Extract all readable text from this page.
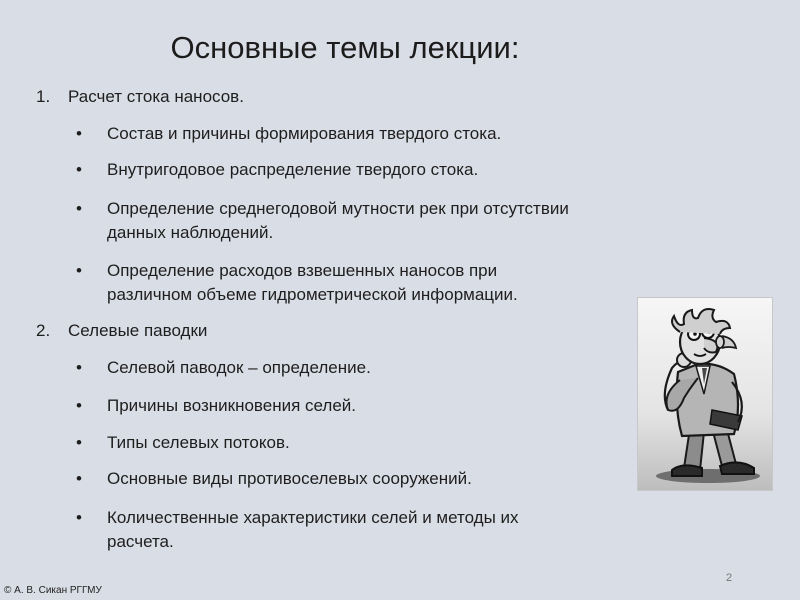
Основные темы лекции:
1. Расчет стока наносов.
•	Состав и причины формирования твердого стока.
•	Внутригодовое распределение твердого стока.
•	Определение среднегодовой мутности рек при отсутствии
данных наблюдений.
•	Определение расходов взвешенных наносов при
различном объеме гидрометрической информации.
2. Селевые паводки
•	Селевой паводок – определение.
•	Причины возникновения селей.
•	Типы селевых потоков.
•	Основные виды противоселевых сооружений.
•	Количественные характеристики селей и методы их
расчета.
© А. В. Сикан РГГМУ
2
